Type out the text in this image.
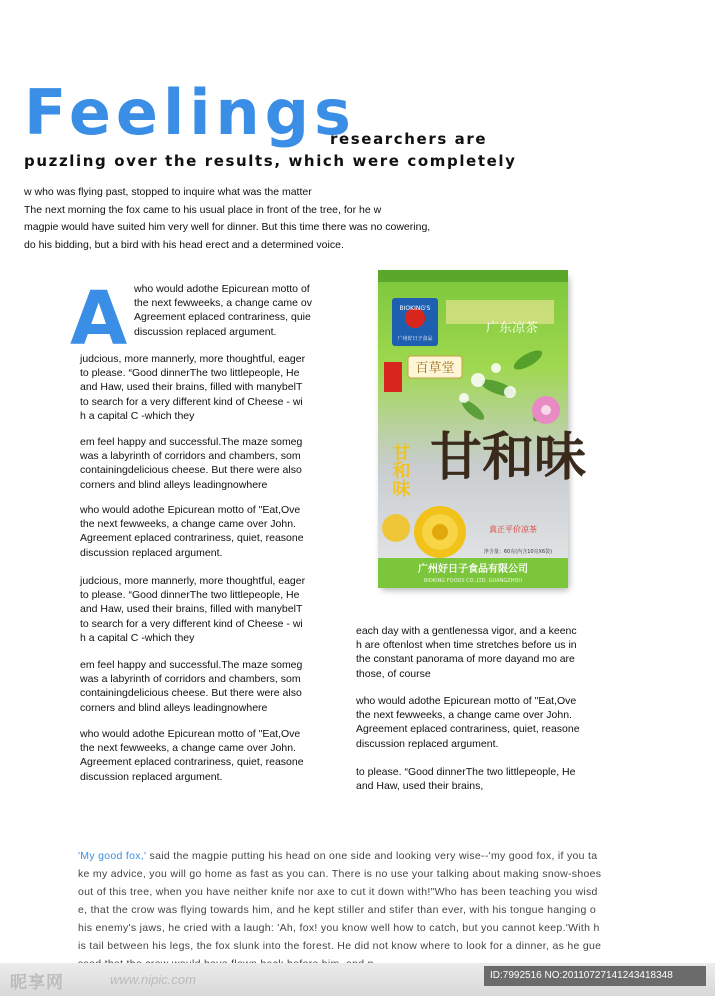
Feelings
researchers are
puzzling over the results, which were completely

w who was flying past, stopped to inquire what was the matter

The next morning the fox came to his usual place in front of the tree, for he w

magpie would have suited him very well for dinner. But this time there was no cowering,

do his bidding, but a bird with his head erect and a determined voice.

A who would adothe Epicurean motto of

the next fewweeks, a change came ov

Agreement eplaced contrariness, quie

discussion replaced argument.

judcious, more mannerly, more thoughtful, eager

to please. “Good dinnerThe two littlepeople, He

and Haw, used their brains, filled with manybelT

to search for a very different kind of Cheese - wi

h a capital C -which they

em feel happy and successful.The maze someg

was a labyrinth of corridors and chambers, som

containingdelicious cheese. But there were also

corners and blind alleys leadingnowhere

who would adothe Epicurean motto of "Eat,Ove

the next fewweeks, a change came over John.

Agreement eplaced contrariness, quiet, reasone

discussion replaced argument.

judcious, more mannerly, more thoughtful, eager

to please. “Good dinnerThe two littlepeople, He

and Haw, used their brains, filled with manybelT

to search for a very different kind of Cheese - wi

h a capital C -which they

em feel happy and successful.The maze someg

was a labyrinth of corridors and chambers, som

containingdelicious cheese. But there were also

corners and blind alleys leadingnowhere

who would adothe Epicurean motto of "Eat,Ove

the next fewweeks, a change came over John.

Agreement eplaced contrariness, quiet, reasone

discussion replaced argument.

BIOKING'S
广州好日子食品
广东凉茶
百草堂
甘和味
甘和味
真正平价凉茶
净含量：60克(内含10克X6袋)
广州好日子食品有限公司
BIOKING FOODS CO.,LTD. GUANGZHOU

each day with a gentlenessa vigor, and a keenc

h are oftenlost when time stretches before us in

the constant panorama of more dayand mo are

those, of course

who would adothe Epicurean motto of "Eat,Ove

the next fewweeks, a change came over John.

Agreement eplaced contrariness, quiet, reasone

discussion replaced argument.

to please. “Good dinnerThe two littlepeople, He

and Haw, used their brains,

'My good fox,' said the magpie putting his head on one side and looking very wise--'my good fox, if you ta

ke my advice, you will go home as fast as you can. There is no use your talking about making snow-shoes

out of this tree, when you have neither knife nor axe to cut it down with!"Who has been teaching you wisd

e, that the crow was flying towards him, and he kept stiller and stifer than ever, with his tongue hanging o

his enemy's jaws, he cried with a laugh: 'Ah, fox! you know well how to catch, but you cannot keep.'With h

is tail between his legs, the fox slunk into the forest. He did not know where to look for a dinner, as he gue

昵享网	www.nipic.com	ID:7992516 NO:20110727141243418348
